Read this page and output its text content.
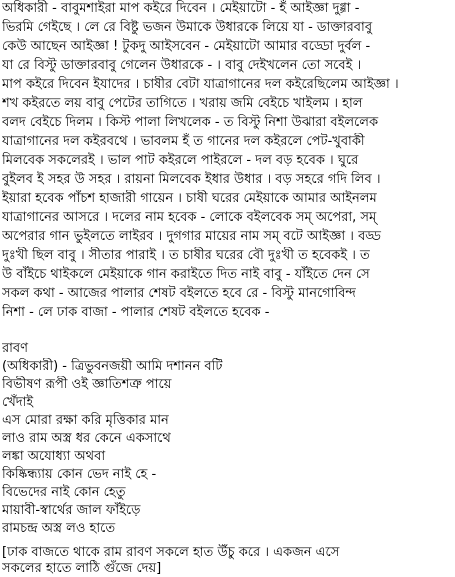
অধিকারী - বাবুমশাইরা মাপ কইরে দিবেন । মেইয়াটো - হঁ আইজ্ঞা দুগ্গা -
ভিরমি গেইছে । লে রে বিষ্টু ভজন উমাকে উধারকে লিয়ে যা - ডাক্তারবাবু
কেউ আছেন আইজ্ঞা ! টুকদু আইসবেন - মেইয়াটো আমার বড্ডো দুর্বল -
যা রে বিস্টু ডাক্তারবাবু গেলেন উধারকে - । বাবু দেইখলেন তো সবেই ।
মাপ কইরে দিবেন ইযাদের । চাষীর বেটা যাত্রাগানের দল কইরেছিলেম আইজ্ঞা ।
শখ কইরতে লয় বাবু পেটের তাগিতে । খরায় জমি বেইচে খাইলম । হাল
বলদ বেইচে দিলম । কিস্ট পালা লিখলেক - ত বিস্টু নিশা উঝারা বইললেক
যাত্রাগানের দল কইরবথে । ভাবলম হঁ ত গানের দল কইরলে পেট-খুবাকী
মিলবেক সকলেরই । ভাল পাট কইরলে পাইরলে - দল বড় হবেক । ঘুরে
বুইলব ই সহর উ সহর । রায়না মিলবেক ইধার উধার । বড় সহরে গদি লিব ।
ইয়ারা হবেক পাঁচশ হাজারী গায়েন । চাষী ঘরের মেইয়াকে আমার আইনলম
যাত্রাগানের আসরে । দলের নাম হবেক - লোকে বইলবেক সম্ অপেরা, সম্
অপেরার গান ভুইলতে লাইরব । দুগগার মায়ের নাম সম্ বটে আইজ্ঞা । বড্ড
দুঃখী ছিল বাবু । সীতার পারাই । ত চাষীর ঘরের বৌ দুঃখী ত হবেকই । ত
উ বাঁইচে থাইকলে মেইয়াকে গান করাইতে দিত নাই বাবু - যাঁইতে দেন সে
সকল কথা - আজের পালার শেষট বইলতে হবে রে - বিস্টু মানগোবিন্দ
নিশা - লে ঢাক বাজা - পালার শেষট বইলতে হবেক -
রাবণ
(অধিকারী) - ত্রিভুবনজয়ী আমি দশানন বটি
বিভীষণ রূপী ওই জ্ঞাতিশত্রু পায়ে
খেঁদাই
এস মোরা রক্ষা করি মৃত্তিকার মান
লাও রাম অস্ত্র ধর কেনে একসাথে
লঙ্কা অযোধ্যা অথবা
কিষ্কিন্ধ্যায় কোন ভেদ নাই হে -
বিভেদের নাই কোন হেতু
মায়াবী-স্বার্থের জাল ফাঁইড়ে
রামচন্দ্র অস্ত্র লও হাতে
[ঢাক বাজতে থাকে রাম রাবণ সকলে হাত উঁচু করে । একজন এসে
সকলের হাতে লাঠি গুঁজে দেয়]
